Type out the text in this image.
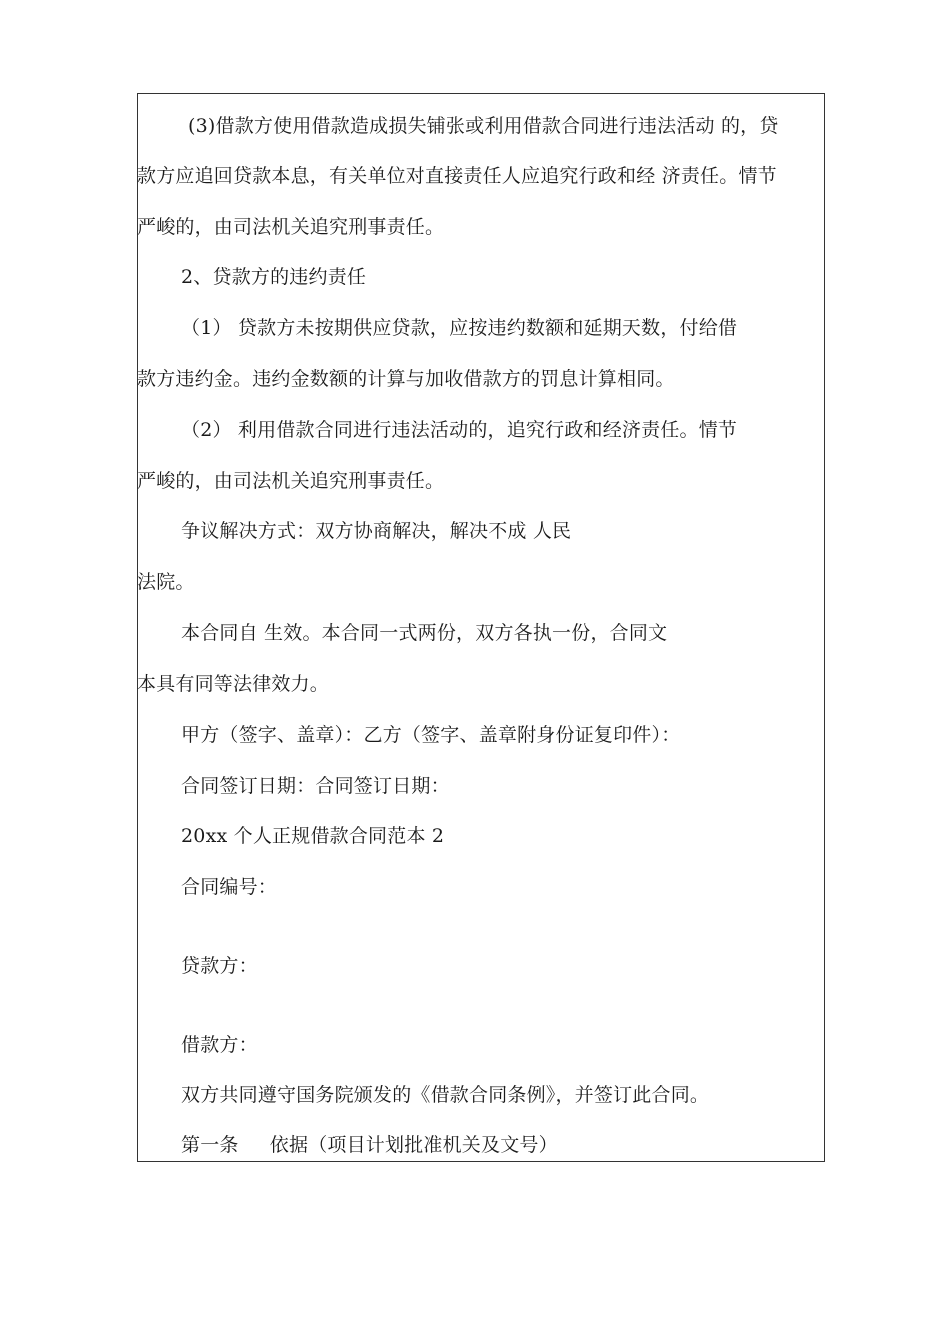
(3)借款方使用借款造成损失铺张或利用借款合同进行违法活动 的，贷
款方应追回贷款本息，有关单位对直接责任人应追究行政和经 济责任。情节
严峻的，由司法机关追究刑事责任。
2、贷款方的违约责任
（1） 贷款方未按期供应贷款，应按违约数额和延期天数，付给借
款方违约金。违约金数额的计算与加收借款方的罚息计算相同。
（2） 利用借款合同进行违法活动的，追究行政和经济责任。情节
严峻的，由司法机关追究刑事责任。
争议解决方式：双方协商解决，解决不成 人民
法院。
本合同自 生效。本合同一式两份，双方各执一份，合同文
本具有同等法律效力。
甲方（签字、盖章）：乙方（签字、盖章附身份证复印件）：
合同签订日期：合同签订日期：
20xx 个人正规借款合同范本 2
合同编号：
贷款方：
借款方：
双方共同遵守国务院颁发的《借款合同条例》，并签订此合同。
第一条     依据（项目计划批准机关及文号）
